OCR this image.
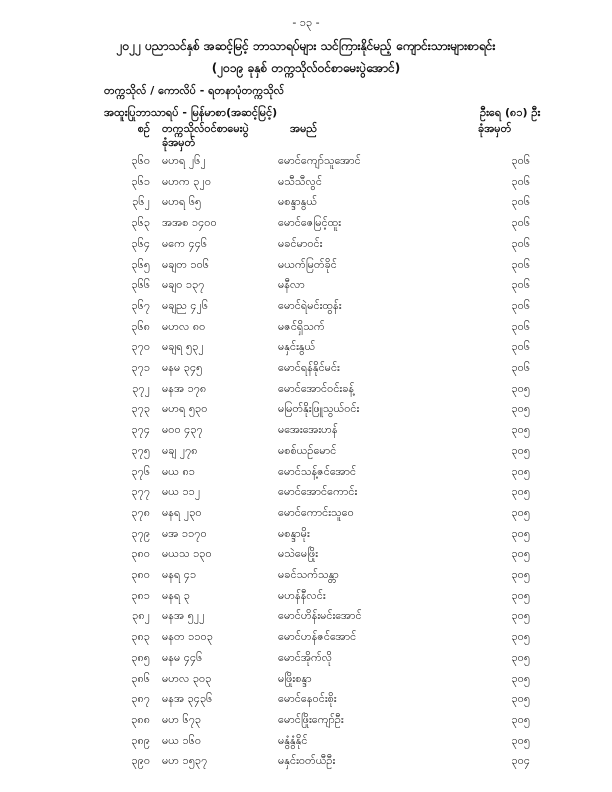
- ၁၃ -
၂၀၂၂ ပညာသင်နှစ် အဆင့်မြင့် ဘာသာရပ်များ သင်ကြားနိုင်မည့် ကျောင်းသားများစာရင်း
(၂၀၁၉ ခုနှစ် တက္ကသိုလ်ဝင်စာမေးပွဲအောင်)
တက္ကသိုလ် / ကောလိပ် - ရတနာပုံတက္ကသိုလ်
အထူးပြုဘာသာရပ် - မြန်မာစာ(အဆင့်မြင့်)	ဦးရေ (၈၁) ဦး
ခုံအမှတ်
စဉ် တက္ကသိုလ်ဝင်စာမေးပွဲ
ခုံအမှတ်
အမည်
၃၆၀ မဟရ ၂၆၂	မောင်ကျော်သူအောင်	၃၀၆
၃၆၁ မဟက ၃၂၀	မသီသီလွင်	၃၀၆
၃၆၂ မဟရ ၆၅	မစန္ဒာနွယ်	၃၀၆
၃၆၃ အအစ ၁၄၀၀	မောင်ဇေမြင့်ထူး	၃၀၆
၃၆၄ မကေ ၄၄၆	မခင်မာဝင်း	၃၀၆
၃၆၅ မချတ ၁၀၆	မယက်မြတ်ခိုင်	၃၀၆
၃၆၆ မချ၀ ၁၃၇	မနီလာ	၃၀၆
၃၆၇ မချည ၄၂၆	မောင်ရဲမင်းထွန်း	၃၀၆
၃၆၈ မဟလ ၈၀	မဇင်ရှိသက်	၃၀၆
၃၇၀ မချရ ၅၃၂	မနှင်းနွယ်	၃၀၆
၃၇၁ မနမ ၃၄၅	မောင်ရန်နိုင်မင်း	၃၀၆
၃၇၂ မနအ ၁၇၈	မောင်အောင်ဝင်းခန့်	၃၀၅
၃၇၃ မဟရ ၅၃၀	မမြတ်နိုးဖြူသွယ်ဝင်း	၃၀၅
၃၇၄ မ၀၀ ၄၃၇	မအေးအေးဟန်	၃၀၅
၃၇၅ မချ ၂၇၈	မစစ်ယဉ်မောင်	၃၀၅
၃၇၆ မယ ၈၁	မောင်သန့်ဇင်အောင်	၃၀၅
၃၇၇ မယ ၁၁၂	မောင်အောင်ကောင်း	၃၀၅
၃၇၈ မနရ ၂၃၀	မောင်ကောင်းသူဝေ	၃၀၅
၃၇၉ မအ ၁၁၇၀	မစန္ဒာမိုး	၃၀၅
၃၈၀ မယသ ၁၃၀	မသဲမေဖြိုး	၃၀၅
၃၈၀ မနရ ၄၁	မခင်သက်သန္တာ	၃၀၅
၃၈၁ မနရ ၃	မဟန်နီလင်း	၃၀၅
၃၈၂ မနအ ၅၂၂	မောင်ဟိန်းမင်းအောင်	၃၀၅
၃၈၃ မနတ ၁၁၀၃	မောင်ဟန်ဇင်အောင်	၃၀၅
၃၈၅ မနမ ၄၄၆	မောင်အိုက်လို	၃၀၅
၃၈၆ မဟလ ၃၀၃	မဖြိုးစန္ဒာ	၃၀၅
၃၈၇ မနအ ၃၄၃၆	မောင်နေဝင်းစိုး	၃၀၅
၃၈၈ မဟ ၆၇၃	မောင်ဖြိုးကျော်ဦး	၃၀၅
၃၈၉ မယ ၁၆၀	မနွံနွံနိုင်	၃၀၅
၃၉၀ မဟ ၁၅၃၇	မနှင်းဝတ်ယီဦး	၃၀၄
